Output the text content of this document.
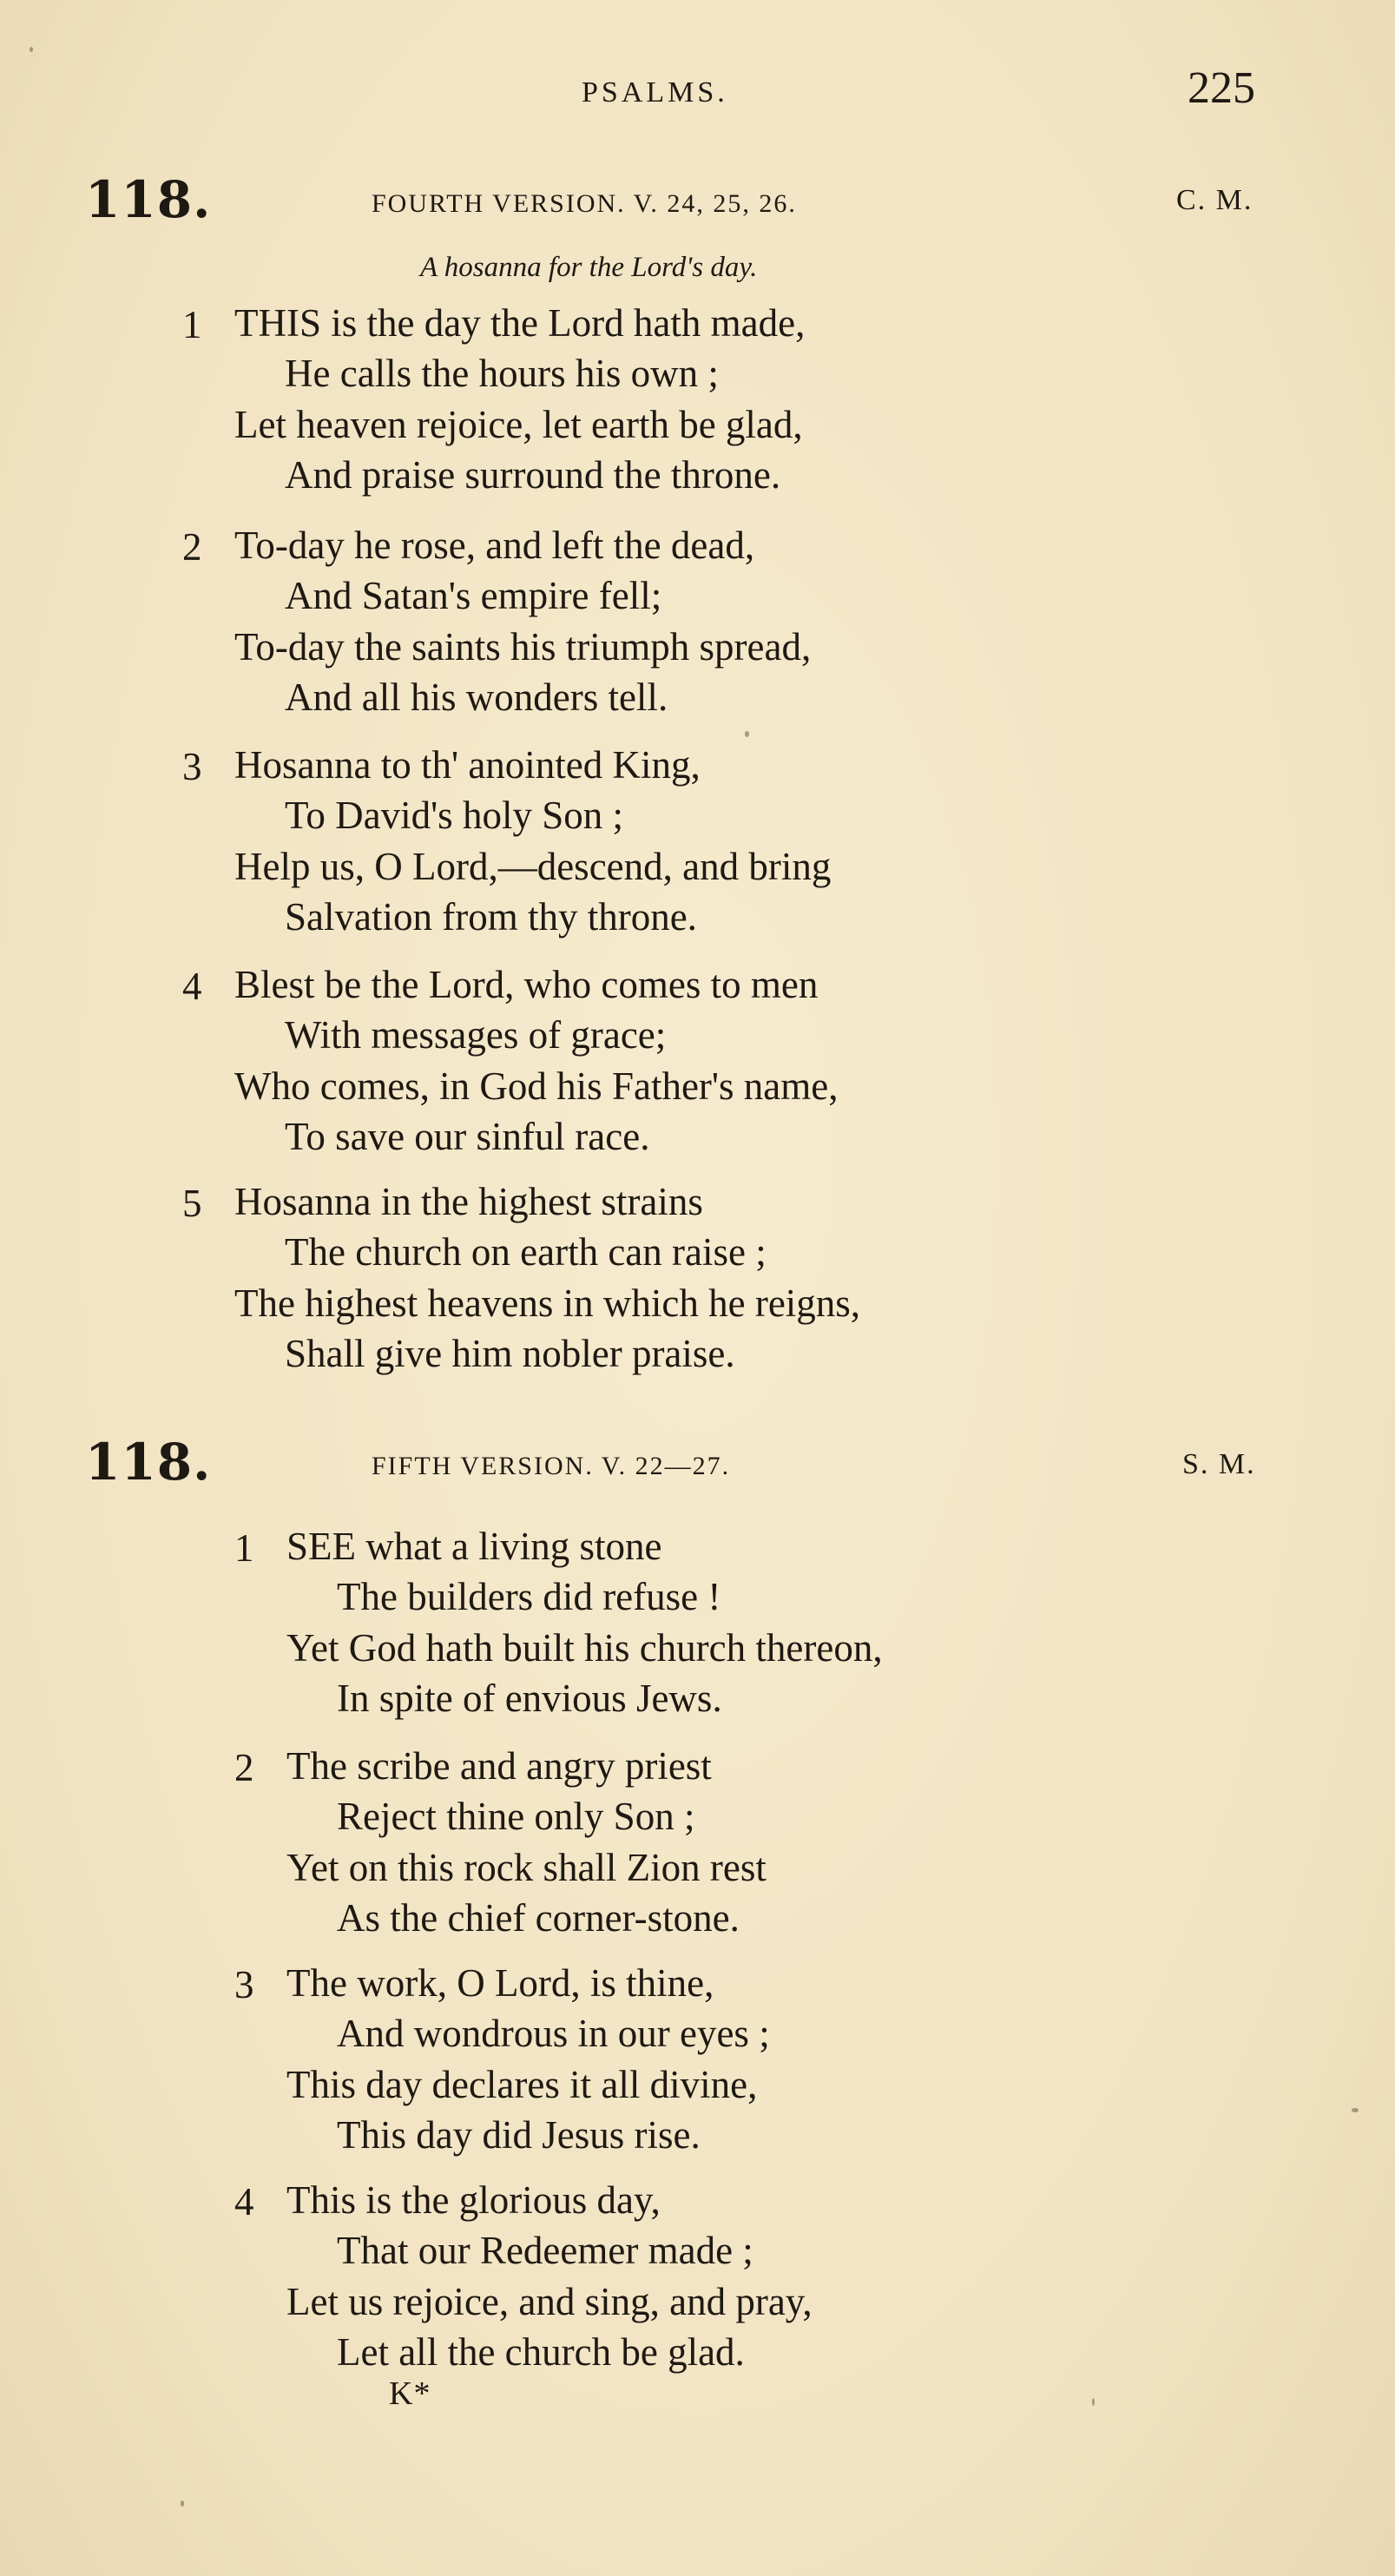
PSALMS.	225
118.	FOURTH VERSION. V. 24, 25, 26.	C. M.
A hosanna for the Lord's day.
1 THIS is the day the Lord hath made,
He calls the hours his own ;
Let heaven rejoice, let earth be glad,
And praise surround the throne.
2 To-day he rose, and left the dead,
And Satan's empire fell;
To-day the saints his triumph spread,
And all his wonders tell.
3 Hosanna to th' anointed King,
To David's holy Son ;
Help us, O Lord,—descend, and bring
Salvation from thy throne.
4 Blest be the Lord, who comes to men
With messages of grace;
Who comes, in God his Father's name,
To save our sinful race.
5 Hosanna in the highest strains
The church on earth can raise ;
The highest heavens in which he reigns,
Shall give him nobler praise.
118.	FIFTH VERSION. V. 22—27.	S. M.
1 SEE what a living stone
The builders did refuse !
Yet God hath built his church thereon,
In spite of envious Jews.
2 The scribe and angry priest
Reject thine only Son ;
Yet on this rock shall Zion rest
As the chief corner-stone.
3 The work, O Lord, is thine,
And wondrous in our eyes ;
This day declares it all divine,
This day did Jesus rise.
4 This is the glorious day,
That our Redeemer made ;
Let us rejoice, and sing, and pray,
Let all the church be glad.
K*
